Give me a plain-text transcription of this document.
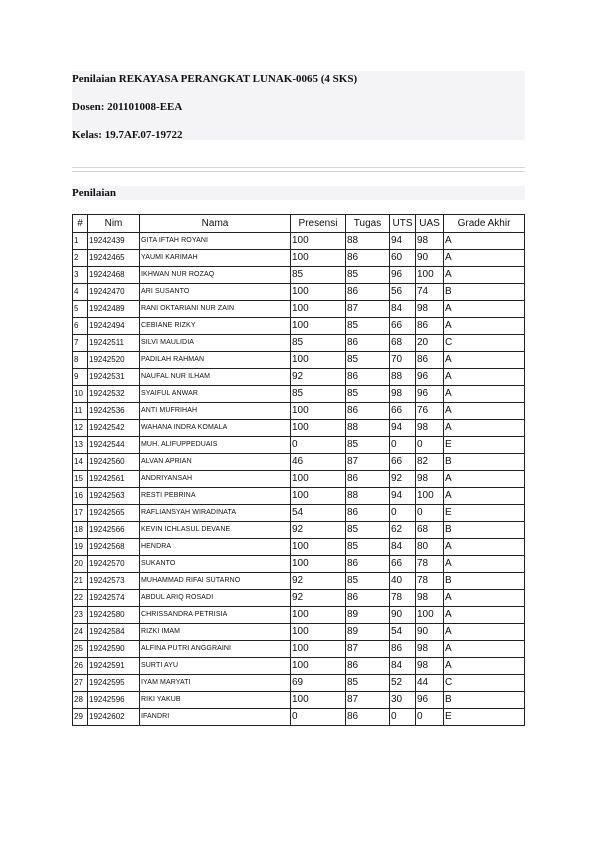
Penilaian REKAYASA PERANGKAT LUNAK-0065 (4 SKS)
Dosen: 201101008-EEA
Kelas: 19.7AF.07-19722
Penilaian
#	Nim	Nama	Presensi	Tugas	UTS	UAS	Grade Akhir
1	19242439	GITA IFTAH ROYANI	100	88	94	98	A
2	19242465	YAUMI KARIMAH	100	86	60	90	A
3	19242468	IKHWAN NUR ROZAQ	85	85	96	100	A
4	19242470	ARI SUSANTO	100	86	56	74	B
5	19242489	RANI OKTARIANI NUR ZAIN	100	87	84	98	A
6	19242494	CEBIANE RIZKY	100	85	66	86	A
7	19242511	SILVI MAULIDIA	85	86	68	20	C
8	19242520	PADILAH RAHMAN	100	85	70	86	A
9	19242531	NAUFAL NUR ILHAM	92	86	88	96	A
10	19242532	SYAIFUL ANWAR	85	85	98	96	A
11	19242536	ANTI MUFRIHAH	100	86	66	76	A
12	19242542	WAHANA INDRA KOMALA	100	88	94	98	A
13	19242544	MUH. ALIFUPPEDUAIS	0	85	0	0	E
14	19242560	ALVAN APRIAN	46	87	66	82	B
15	19242561	ANDRIYANSAH	100	86	92	98	A
16	19242563	RESTI PEBRINA	100	88	94	100	A
17	19242565	RAFLIANSYAH WIRADINATA	54	86	0	0	E
18	19242566	KEVIN ICHLASUL DEVANE	92	85	62	68	B
19	19242568	HENDRA	100	85	84	80	A
20	19242570	SUKANTO	100	86	66	78	A
21	19242573	MUHAMMAD RIFAI SUTARNO	92	85	40	78	B
22	19242574	ABDUL ARIQ ROSADI	92	86	78	98	A
23	19242580	CHRISSANDRA PETRISIA	100	89	90	100	A
24	19242584	RIZKI IMAM	100	89	54	90	A
25	19242590	ALFINA PUTRI ANGGRAINI	100	87	86	98	A
26	19242591	SURTI AYU	100	86	84	98	A
27	19242595	IYAM MARYATI	69	85	52	44	C
28	19242596	RIKI YAKUB	100	87	30	96	B
29	19242602	IFANDRI	0	86	0	0	E
